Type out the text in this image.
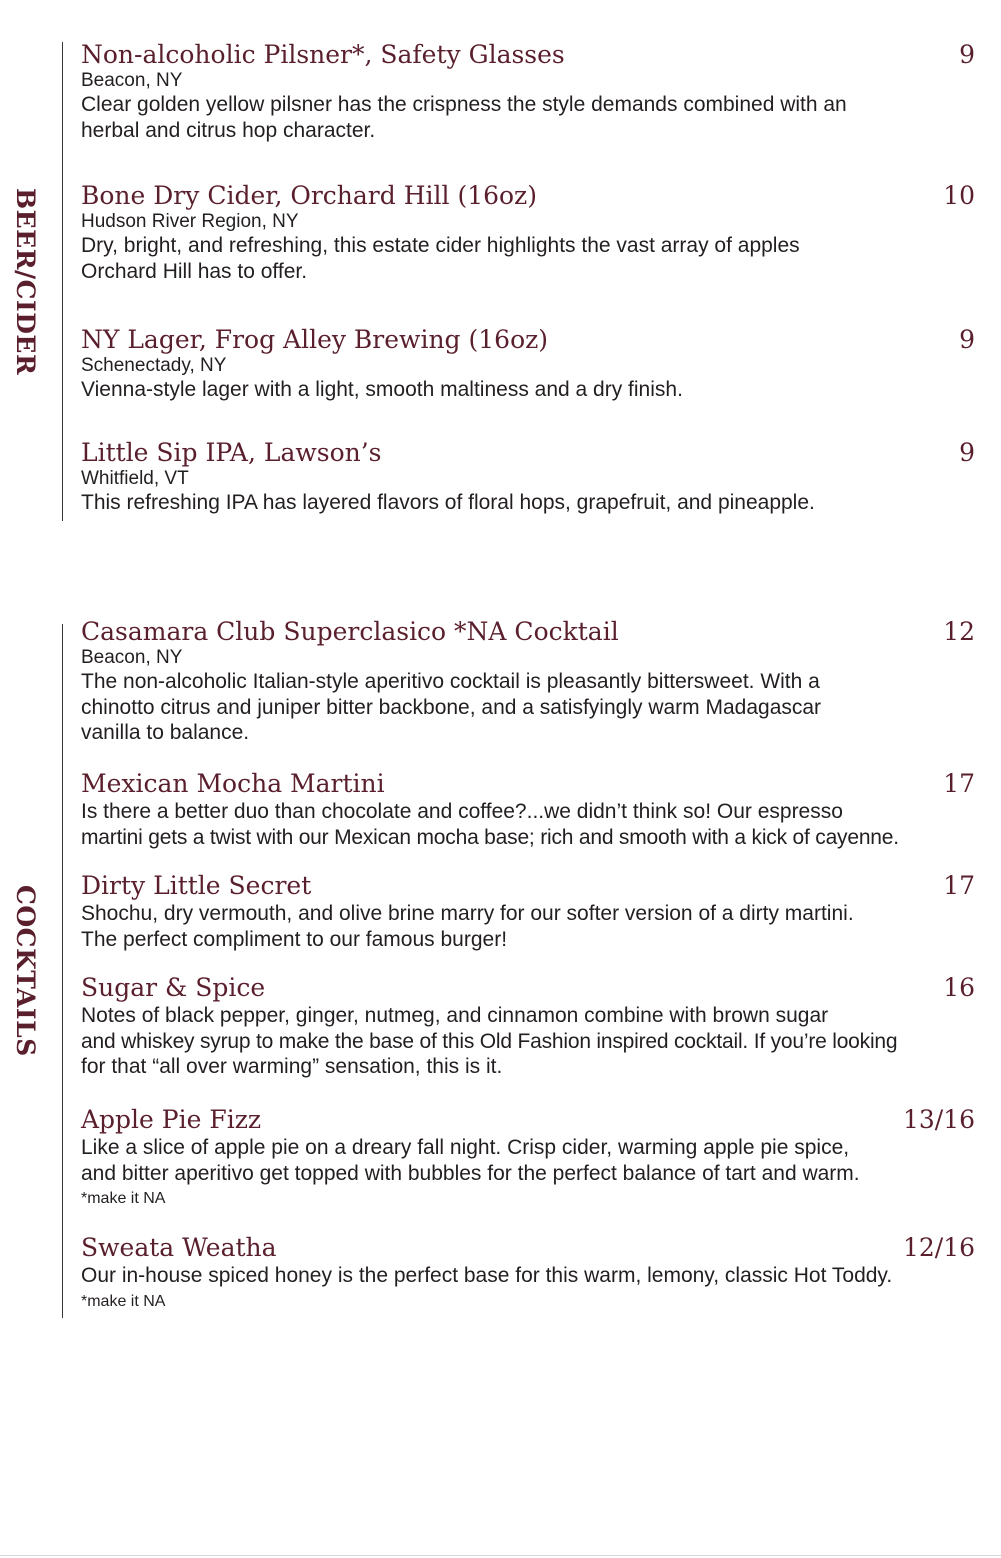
BEER/CIDER
Non-alcoholic Pilsner*, Safety Glasses	9
Beacon, NY
Clear golden yellow pilsner has the crispness the style demands combined with an
herbal and citrus hop character.
Bone Dry Cider, Orchard Hill (16oz)	10
Hudson River Region, NY
Dry, bright, and refreshing, this estate cider highlights the vast array of apples
Orchard Hill has to offer.
NY Lager, Frog Alley Brewing (16oz)	9
Schenectady, NY
Vienna-style lager with a light, smooth maltiness and a dry finish.
Little Sip IPA, Lawson’s	9
Whitfield, VT
This refreshing IPA has layered flavors of floral hops, grapefruit, and pineapple.
COCKTAILS
Casamara Club Superclasico *NA Cocktail	12
Beacon, NY
The non-alcoholic Italian-style aperitivo cocktail is pleasantly bittersweet. With a
chinotto citrus and juniper bitter backbone, and a satisfyingly warm Madagascar
vanilla to balance.
Mexican Mocha Martini	17
Is there a better duo than chocolate and coffee?...we didn’t think so! Our espresso
martini gets a twist with our Mexican mocha base; rich and smooth with a kick of cayenne.
Dirty Little Secret	17
Shochu, dry vermouth, and olive brine marry for our softer version of a dirty martini.
The perfect compliment to our famous burger!
Sugar & Spice	16
Notes of black pepper, ginger, nutmeg, and cinnamon combine with brown sugar
and whiskey syrup to make the base of this Old Fashion inspired cocktail. If you’re looking
for that “all over warming” sensation, this is it.
Apple Pie Fizz	13/16
Like a slice of apple pie on a dreary fall night. Crisp cider, warming apple pie spice,
and bitter aperitivo get topped with bubbles for the perfect balance of tart and warm.
*make it NA
Sweata Weatha	12/16
Our in-house spiced honey is the perfect base for this warm, lemony, classic Hot Toddy.
*make it NA
